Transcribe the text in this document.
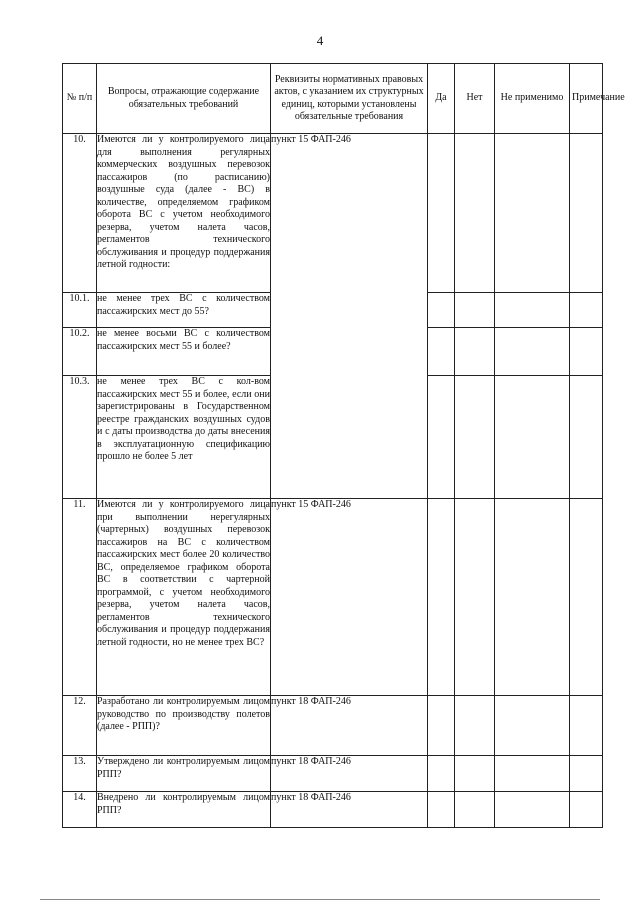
4
№ п/п	Вопросы, отражающие содержание обязательных требований	Реквизиты нормативных правовых актов, с указанием их структурных единиц, которыми установлены обязательные требования	Да	Нет	Не применимо	Примечание
10.	Имеются ли у контролируемого лица для выполнения регулярных коммерческих воздушных перевозок пассажиров (по расписанию) воздушные суда (далее - ВС) в количестве, определяемом графиком оборота ВС с учетом необходимого резерва, учетом налета часов, регламентов технического обслуживания и процедур поддержания летной годности:	пункт 15 ФАП-246				
10.1.	не менее трех ВС с количеством пассажирских мест до 55?					
10.2.	не менее восьми ВС с количеством пассажирских мест 55 и более?					
10.3.	не менее трех ВС с кол-вом пассажирских мест 55 и более, если они зарегистрированы в Государственном реестре гражданских воздушных судов и с даты производства до даты внесения в эксплуатационную спецификацию прошло не более 5 лет					
11.	Имеются ли у контролируемого лица при выполнении нерегулярных (чартерных) воздушных перевозок пассажиров на ВС с количеством пассажирских мест более 20 количество ВС, определяемое графиком оборота ВС в соответствии с чартерной программой, с учетом необходимого резерва, учетом налета часов, регламентов технического обслуживания и процедур поддержания летной годности, но не менее трех ВС?	пункт 15 ФАП-246				
12.	Разработано ли контролируемым лицом руководство по производству полетов (далее - РПП)?	пункт 18 ФАП-246				
13.	Утверждено ли контролируемым лицом РПП?	пункт 18 ФАП-246				
14.	Внедрено ли контролируемым лицом РПП?	пункт 18 ФАП-246				
